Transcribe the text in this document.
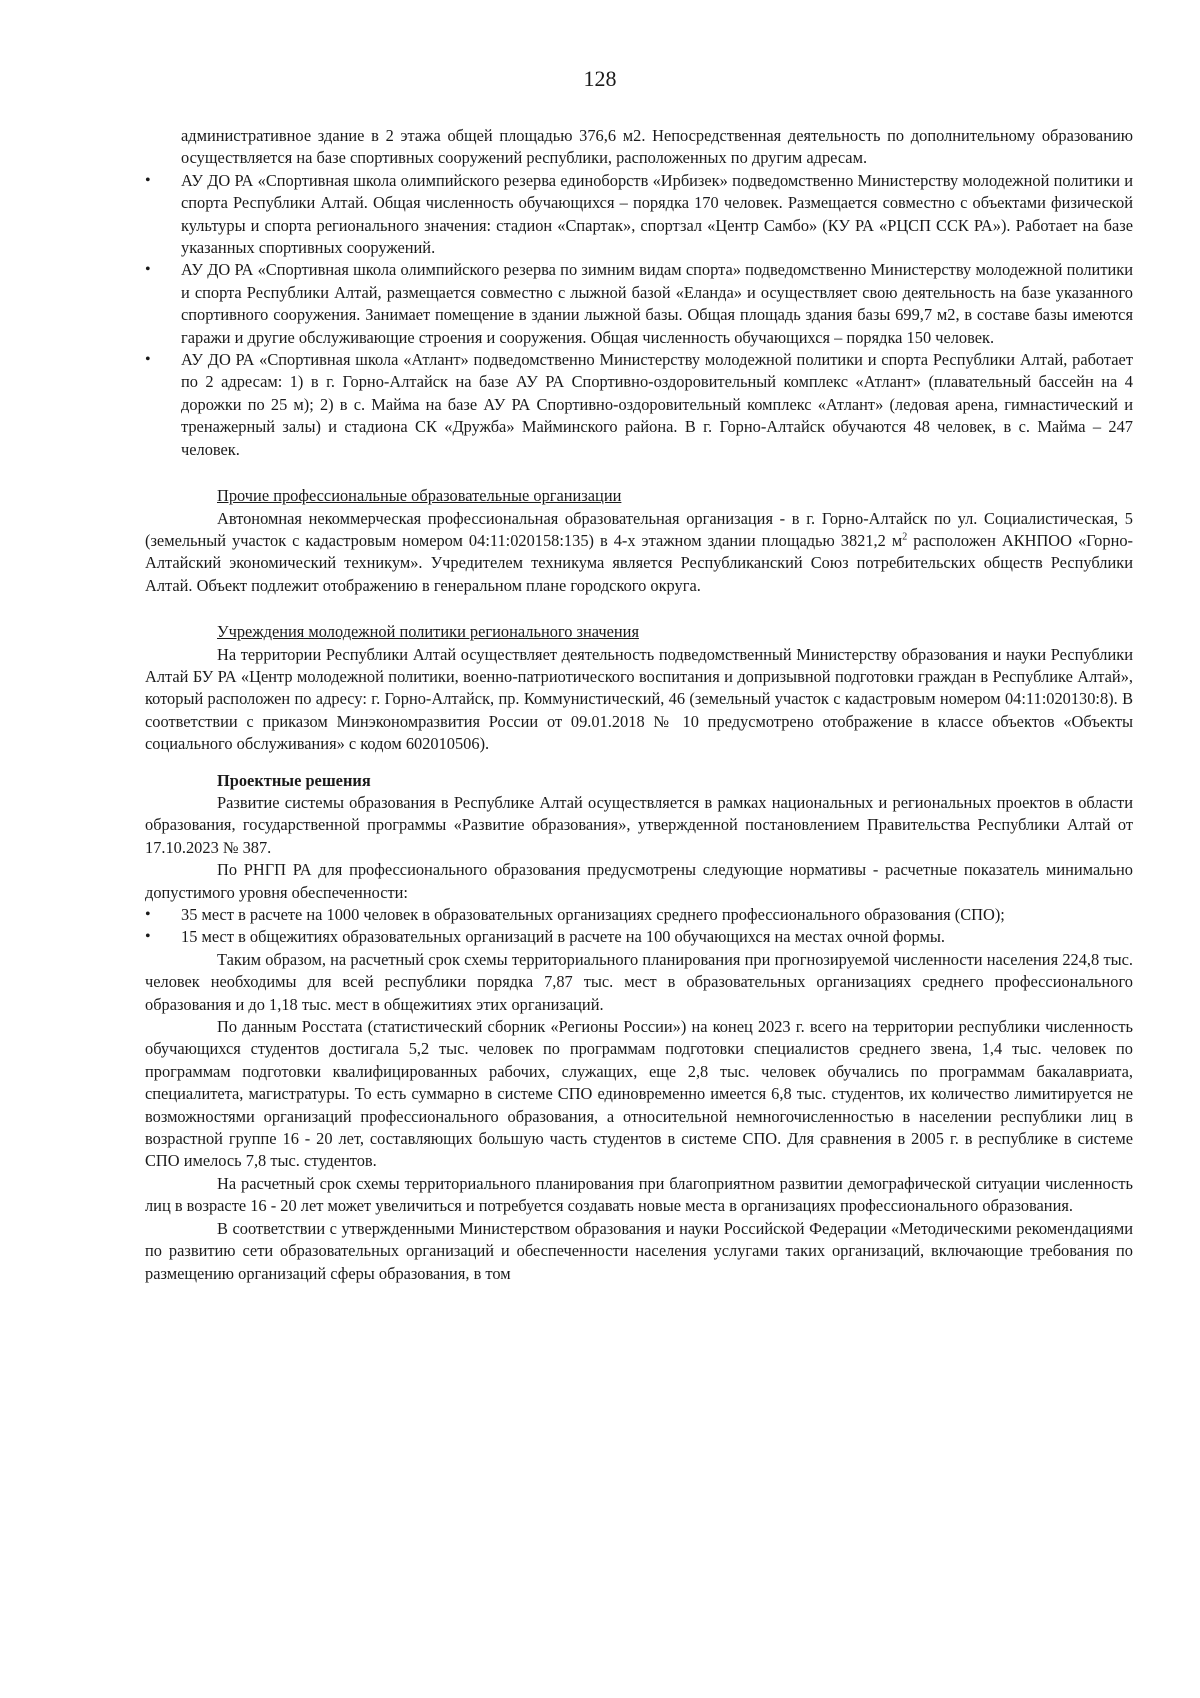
128

административное здание в 2 этажа общей площадью 376,6 м2. Непосредственная деятельность по дополнительному образованию осуществляется на базе спортивных сооружений республики, расположенных по другим адресам.

• АУ ДО РА «Спортивная школа олимпийского резерва единоборств «Ирбизек» подведомственно Министерству молодежной политики и спорта Республики Алтай. Общая численность обучающихся – порядка 170 человек. Размещается совместно с объектами физической культуры и спорта регионального значения: стадион «Спартак», спортзал «Центр Самбо» (КУ РА «РЦСП ССК РА»). Работает на базе указанных спортивных сооружений.
• АУ ДО РА «Спортивная школа олимпийского резерва по зимним видам спорта» подведомственно Министерству молодежной политики и спорта Республики Алтай, размещается совместно с лыжной базой «Еланда» и осуществляет свою деятельность на базе указанного спортивного сооружения. Занимает помещение в здании лыжной базы. Общая площадь здания базы 699,7 м2, в составе базы имеются гаражи и другие обслуживающие строения и сооружения. Общая численность обучающихся – порядка 150 человек.
• АУ ДО РА «Спортивная школа «Атлант» подведомственно Министерству молодежной политики и спорта Республики Алтай, работает по 2 адресам: 1) в г. Горно-Алтайск на базе АУ РА Спортивно-оздоровительный комплекс «Атлант» (плавательный бассейн на 4 дорожки по 25 м); 2) в с. Майма на базе АУ РА Спортивно-оздоровительный комплекс «Атлант» (ледовая арена, гимнастический и тренажерный залы) и стадиона СК «Дружба» Майминского района. В г. Горно-Алтайск обучаются 48 человек, в с. Майма – 247 человек.

Прочие профессиональные образовательные организации

Автономная некоммерческая профессиональная образовательная организация - в г. Горно-Алтайск по ул. Социалистическая, 5 (земельный участок с кадастровым номером 04:11:020158:135) в 4-х этажном здании площадью 3821,2 $м^2$ расположен АКНПОО «Горно-Алтайский экономический техникум». Учредителем техникума является Республиканский Союз потребительских обществ Республики Алтай. Объект подлежит отображению в генеральном плане городского округа.

Учреждения молодежной политики регионального значения

На территории Республики Алтай осуществляет деятельность подведомственный Министерству образования и науки Республики Алтай БУ РА «Центр молодежной политики, военно-патриотического воспитания и допризывной подготовки граждан в Республике Алтай», который расположен по адресу: г. Горно-Алтайск, пр. Коммунистический, 46 (земельный участок с кадастровым номером 04:11:020130:8). В соответствии с приказом Минэкономразвития России от 09.01.2018 № 10 предусмотрено отображение в классе объектов «Объекты социального обслуживания» с кодом 602010506).

Проектные решения

Развитие системы образования в Республике Алтай осуществляется в рамках национальных и региональных проектов в области образования, государственной программы «Развитие образования», утвержденной постановлением Правительства Республики Алтай от 17.10.2023 № 387.

По РНГП РА для профессионального образования предусмотрены следующие нормативы - расчетные показатель минимально допустимого уровня обеспеченности:

• 35 мест в расчете на 1000 человек в образовательных организациях среднего профессионального образования (СПО);
• 15 мест в общежитиях образовательных организаций в расчете на 100 обучающихся на местах очной формы.

Таким образом, на расчетный срок схемы территориального планирования при прогнозируемой численности населения 224,8 тыс. человек необходимы для всей республики порядка 7,87 тыс. мест в образовательных организациях среднего профессионального образования и до 1,18 тыс. мест в общежитиях этих организаций.

По данным Росстата (статистический сборник «Регионы России») на конец 2023 г. всего на территории республики численность обучающихся студентов достигала 5,2 тыс. человек по программам подготовки специалистов среднего звена, 1,4 тыс. человек по программам подготовки квалифицированных рабочих, служащих, еще 2,8 тыс. человек обучались по программам бакалавриата, специалитета, магистратуры. То есть суммарно в системе СПО единовременно имеется 6,8 тыс. студентов, их количество лимитируется не возможностями организаций профессионального образования, а относительной немногочисленностью в населении республики лиц в возрастной группе 16 - 20 лет, составляющих большую часть студентов в системе СПО. Для сравнения в 2005 г. в республике в системе СПО имелось 7,8 тыс. студентов.

На расчетный срок схемы территориального планирования при благоприятном развитии демографической ситуации численность лиц в возрасте 16 - 20 лет может увеличиться и потребуется создавать новые места в организациях профессионального образования.

В соответствии с утвержденными Министерством образования и науки Российской Федерации «Методическими рекомендациями по развитию сети образовательных организаций и обеспеченности населения услугами таких организаций, включающие требования по размещению организаций сферы образования, в том
